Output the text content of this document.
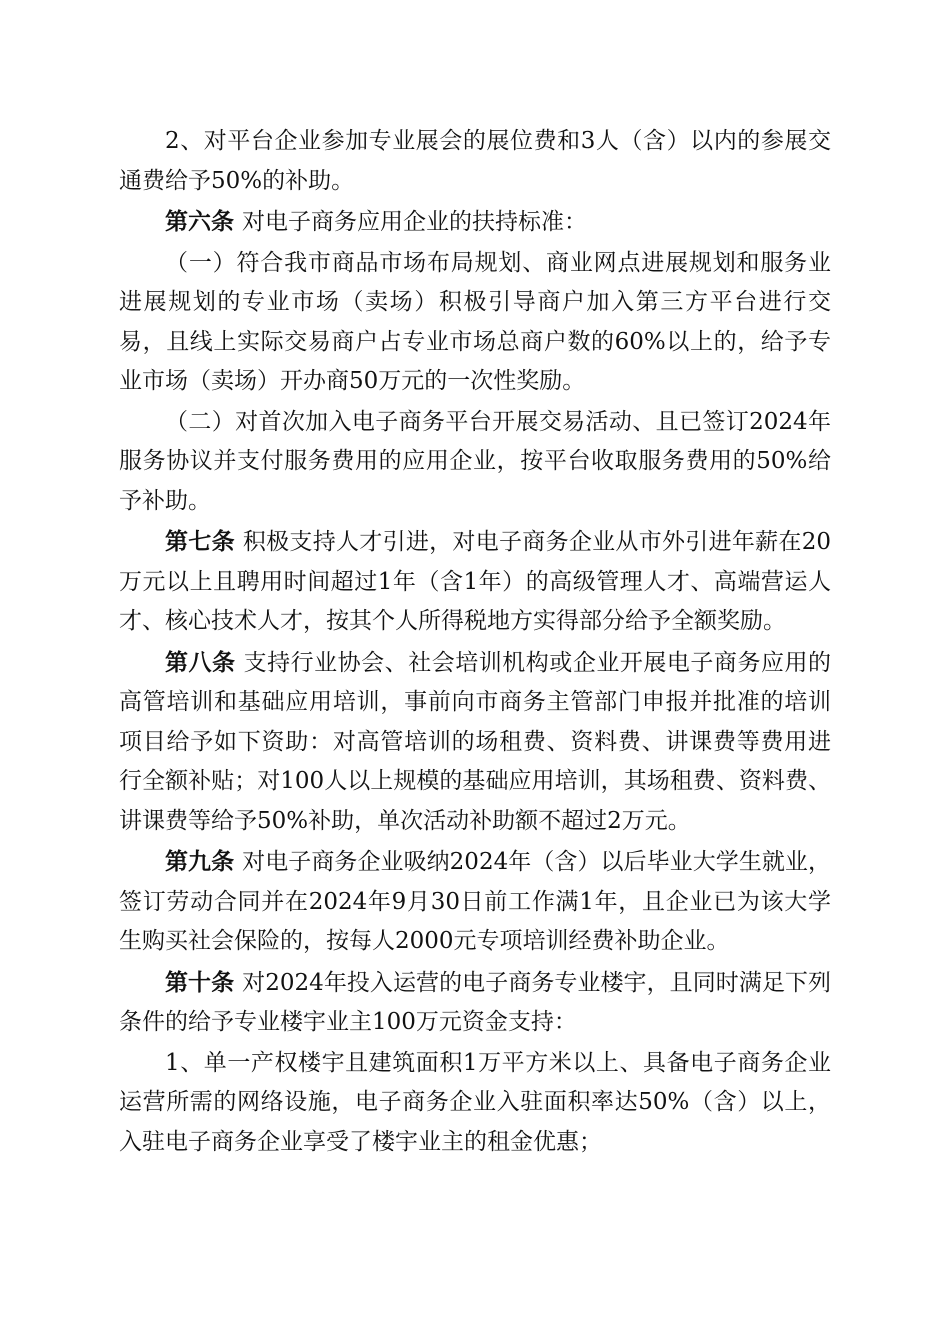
2、对平台企业参加专业展会的展位费和3人（含）以内的参展交通费给予50%的补助。

第六条 对电子商务应用企业的扶持标准：

（一）符合我市商品市场布局规划、商业网点进展规划和服务业进展规划的专业市场（卖场）积极引导商户加入第三方平台进行交易，且线上实际交易商户占专业市场总商户数的60%以上的，给予专业市场（卖场）开办商50万元的一次性奖励。

（二）对首次加入电子商务平台开展交易活动、且已签订2024年服务协议并支付服务费用的应用企业，按平台收取服务费用的50%给予补助。

第七条 积极支持人才引进，对电子商务企业从市外引进年薪在20万元以上且聘用时间超过1年（含1年）的高级管理人才、高端营运人才、核心技术人才，按其个人所得税地方实得部分给予全额奖励。

第八条 支持行业协会、社会培训机构或企业开展电子商务应用的高管培训和基础应用培训，事前向市商务主管部门申报并批准的培训项目给予如下资助：对高管培训的场租费、资料费、讲课费等费用进行全额补贴；对100人以上规模的基础应用培训，其场租费、资料费、讲课费等给予50%补助，单次活动补助额不超过2万元。

第九条 对电子商务企业吸纳2024年（含）以后毕业大学生就业，签订劳动合同并在2024年9月30日前工作满1年，且企业已为该大学生购买社会保险的，按每人2000元专项培训经费补助企业。

第十条 对2024年投入运营的电子商务专业楼宇，且同时满足下列条件的给予专业楼宇业主100万元资金支持：

1、单一产权楼宇且建筑面积1万平方米以上、具备电子商务企业运营所需的网络设施，电子商务企业入驻面积率达50%（含）以上，入驻电子商务企业享受了楼宇业主的租金优惠；
